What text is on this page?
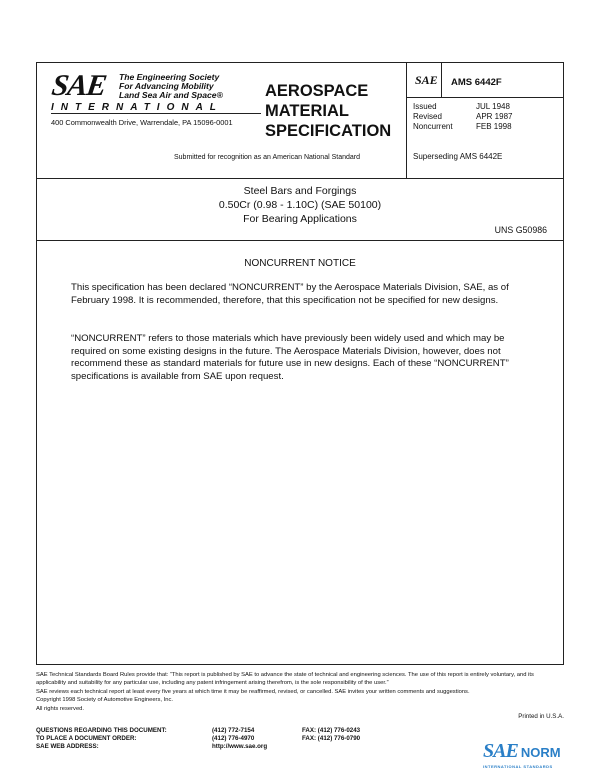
SAE The Engineering Society
For Advancing Mobility
Land Sea Air and Space®
INTERNATIONAL
400 Commonwealth Drive, Warrendale, PA 15096-0001
AEROSPACE
MATERIAL
SPECIFICATION
Submitted for recognition as an American National Standard
SAE AMS 6442F
Issued	JUL 1948
Revised	APR 1987
Noncurrent	FEB 1998
Superseding AMS 6442E
Steel Bars and Forgings
0.50Cr (0.98 - 1.10C) (SAE 50100)
For Bearing Applications
UNS G50986
NONCURRENT NOTICE
This specification has been declared “NONCURRENT” by the Aerospace Materials Division, SAE, as of February 1998. It is recommended, therefore, that this specification not be specified for new designs.
“NONCURRENT” refers to those materials which have previously been widely used and which may be required on some existing designs in the future. The Aerospace Materials Division, however, does not recommend these as standard materials for future use in new designs. Each of these “NONCURRENT” specifications is available from SAE upon request.
SAE Technical Standards Board Rules provide that: “This report is published by SAE to advance the state of technical and engineering sciences. The use of this report is entirely voluntary, and its applicability and suitability for any particular use, including any patent infringement arising therefrom, is the sole responsibility of the user.”
SAE reviews each technical report at least every five years at which time it may be reaffirmed, revised, or cancelled. SAE invites your written comments and suggestions.
Copyright 1998 Society of Automotive Engineers, Inc.
All rights reserved.
Printed in U.S.A.
QUESTIONS REGARDING THIS DOCUMENT:	(412) 772-7154	FAX: (412) 776-0243
TO PLACE A DOCUMENT ORDER:	(412) 776-4970	FAX: (412) 776-0790
SAE WEB ADDRESS:	http://www.sae.org	SAE NORM
INTERNATIONAL STANDARDS
